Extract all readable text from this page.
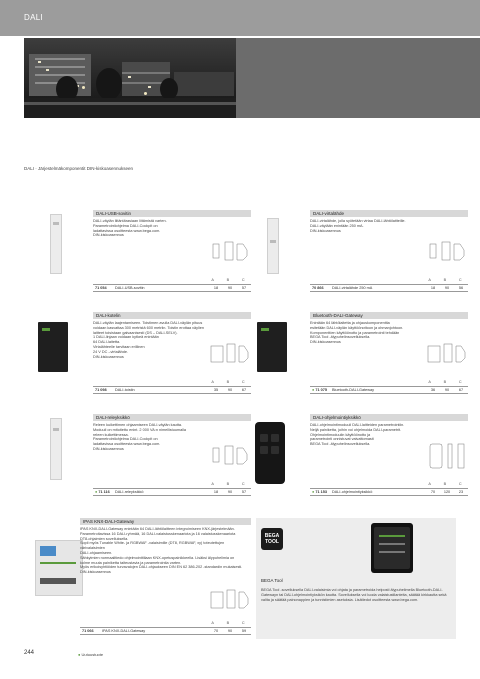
DALI
DALI · Järjestelmäkomponentit DIN-kiskoasennukseen
DALI-USB-sovitin
DALI-väylän liitäntärasiaan liitämistä varten.
Parametrointiohjelma DALI-Cockpit on
ladattavissa osoitteesta www.bega.com.
DIN-kiskoasennus
A	B	C
71 054	DALI-USB-sovitin	18	90	57
DALI-virtalähde
DALI-virtalähde, jolla syötetään virtaa DALI-lähtölaitteille.
DALI-väylään enintään 250 mA.
DIN-kiskoasennus
A	B	C
70 866	DALI-virtalähde 250 mA	18	90	56
DALI-kotelin
DALI-väylän laajentamiseen. Toistimen avulla DALI-väylän pituus
voidaan kasvattaa 300 metristä 600 metriin. Toistin erottaa väylien
laitteet toisistaan galvaanisesti (DS – DALI-SELV).
1 DALI-linjaan voidaan kytkeä enintään
64 DALI-laitetta.
Virtalähteelle tarvitaan erillinen
24 V DC –virtalähde.
DIN-kiskoasennus
A	B	C
71 098	DALI-toistin	35	90	67
Bluetooth-DALI-Gateway
Enintään 64 lähtölaitetta ja ohjauskomponenttia
esitetään DALI-väylän käyttöönottoon ja ohmanjohtoon.
Komponenttien käyttöönotto ja parametrointi tehdään
BEGA Tool -älypuhelinsovelluksella.
DIN-kiskoasennus
A	B	C
● 71 075	Bluetooth-DALI-Gateway	36	90	67
DALI-releyksikkö
Releen kuikettimen ohjaamiseen DALI-väylän kautta.
Moduuli on mitoitettu enint. 2 000 VA:n nimellistuumalla
releen kuikettimessa.
Parametrointiohjelma DALI-Cockpit on
ladattavissa osoitteesta www.bega.com.
DIN-kiskoasennus
A	B	C
● 71 116	DALI-releyksikkö	18	90	57
DALI-ohjelmointiyksikkö
DALI-ohjelmointimoduuli DALI-laitteiden parametrointiin.
Neljä painiketta, joihin voi ohjelmoida DALI-parametrit.
Ohjelmointimoduulin käyttöönotto ja
parametrointi onnistuvat vaivattomasti
BEGA Tool -älypuhelinsovelluksella.
A	B	C
● 71 153	DALI-ohjelmointiyksikkö	70	120	23
IPAS KNX-DALI-Gateway
IPAS KNX-DALI-Gateway enintään 64 DALI-lähtölaitteen integroimiseen KNX-järjestelmään.
Parametroitavissa 16 DALI-ryhmää, 16 DALI-valaistusskenaariota ja 16 valaistusskenaariota
DT8-ohjaimien sovelluksella.
Sopii myös Tunable White- ja RGBWAF -valaisimille (DT8, RGBWAF, xy) toteutettujen värivalaisimien
DALI-ohjaamiseen.
Sähkyimien normaalitiedo ohjelmointitilaan KNX-opetuspainikkeella. Lisäksi älypuhelimia on
kolme muuta painiketta taiteustavia ja parametrointia varten.
Myös erikoisyhtiöiden turvavalojen DALI-ohjaukseen DIN EN 62 386-202 -standardin mukaisesti.
DIN-kiskoasennus
A	B	C
71 066	IPAS KNX-DALI-Gateway	70	90	59
BEGA
TOOL
BEGA Tool
BEGA Tool -sovelluksella DALI-valaisimia voi ohjata ja parametroida helposti älypuhelimella Bluetooth-DALI-Gatewayn tai DALI-ohjelmointiyksikön kautta. Sovelluksella voi luoda valaistustilanteita, säätää kirkkautta sekä valita ja säätää painonappien ja tunnistimien asetuksia. Lisätiedot osoitteesta www.bega.com.
244	● Uutuustuote
